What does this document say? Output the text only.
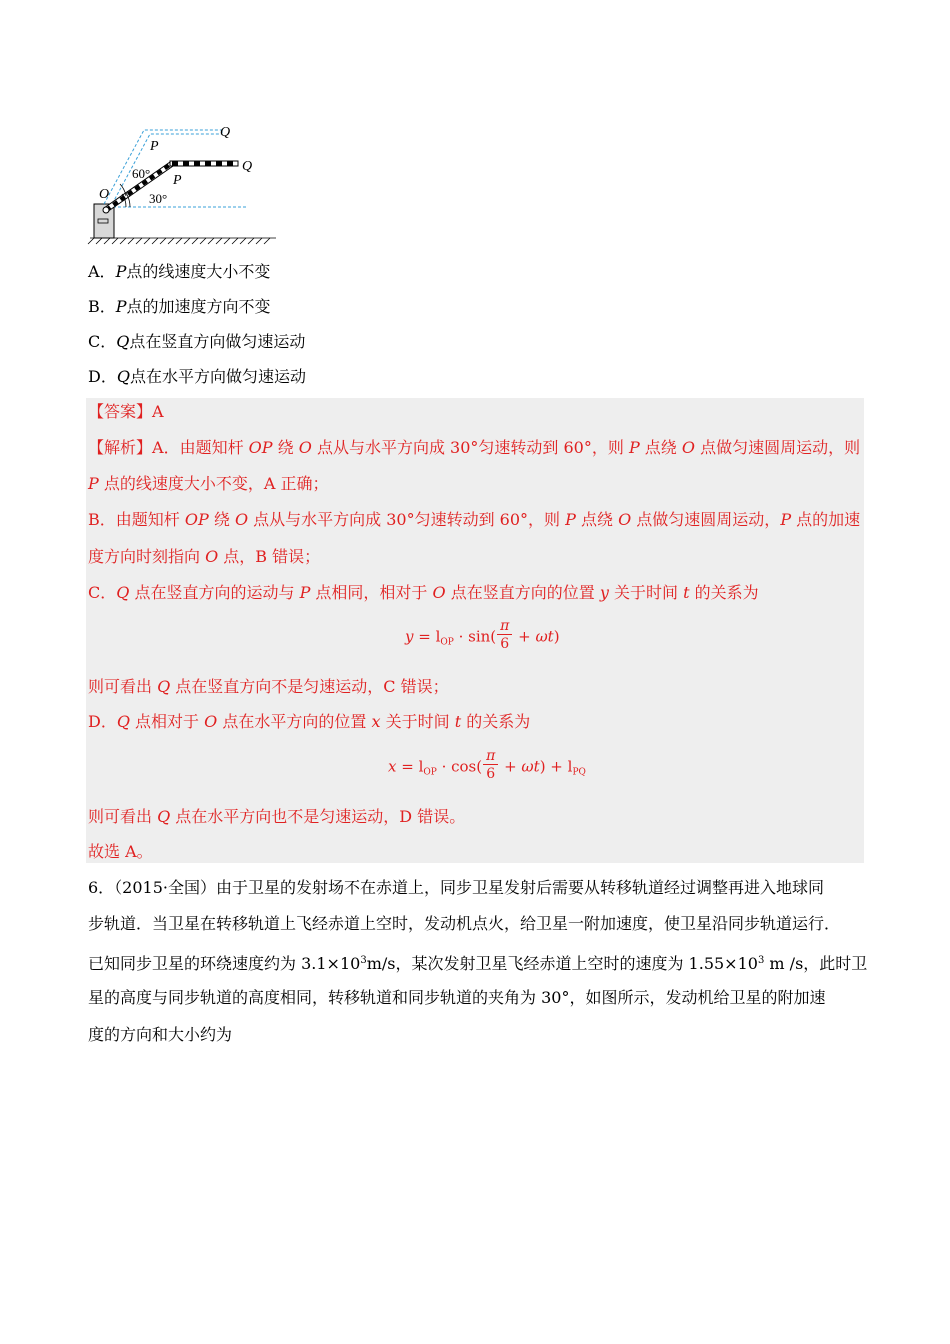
O
P
Q
P
Q
60°
30°
A．P点的线速度大小不变
B．P点的加速度方向不变
C．Q点在竖直方向做匀速运动
D．Q点在水平方向做匀速运动
【答案】A
【解析】A．由题知杆 OP 绕 O 点从与水平方向成 30°匀速转动到 60°，则 P 点绕 O 点做匀速圆周运动，则
P 点的线速度大小不变，A 正确；
B．由题知杆 OP 绕 O 点从与水平方向成 30°匀速转动到 60°，则 P 点绕 O 点做匀速圆周运动，P 点的加速
度方向时刻指向 O 点，B 错误；
C．Q 点在竖直方向的运动与 P 点相同，相对于 O 点在竖直方向的位置 y 关于时间 t 的关系为
$y = l_{OP} \cdot \sin( \frac{\pi}{6} + \omega t)$
则可看出 Q 点在竖直方向不是匀速运动，C 错误；
D．Q 点相对于 O 点在水平方向的位置 x 关于时间 t 的关系为
$x = l_{OP} \cdot \cos( \frac{\pi}{6} + \omega t) + l_{PQ}$
则可看出 Q 点在水平方向也不是匀速运动，D 错误。
故选 A。
6．（2015·全国）由于卫星的发射场不在赤道上，同步卫星发射后需要从转移轨道经过调整再进入地球同
步轨道．当卫星在转移轨道上飞经赤道上空时，发动机点火，给卫星一附加速度，使卫星沿同步轨道运行．
已知同步卫星的环绕速度约为 $3.1\times 10^3m/s$，某次发射卫星飞经赤道上空时的速度为 $1.55\times 10^3$ m /s，此时卫
星的高度与同步轨道的高度相同，转移轨道和同步轨道的夹角为 30°，如图所示，发动机给卫星的附加速
度的方向和大小约为
